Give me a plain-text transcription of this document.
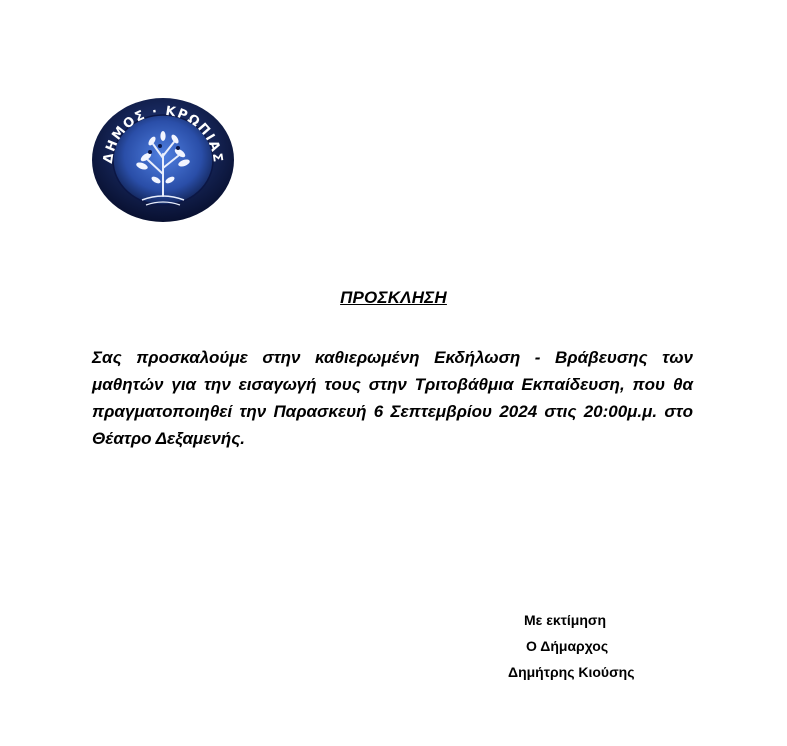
ΔΗΜΟΣ · ΚΡΩΠΙΑΣ
ΠΡΟΣΚΛΗΣΗ
Σας προσκαλούμε στην καθιερωμένη Εκδήλωση - Βράβευσης των μαθητών για την εισαγωγή τους στην Τριτοβάθμια Εκπαίδευση, που θα πραγματοποιηθεί την Παρασκευή 6 Σεπτεμβρίου 2024 στις 20:00μ.μ. στο Θέατρο Δεξαμενής.
Με εκτίμηση
Ο Δήμαρχος
Δημήτρης Κιούσης
